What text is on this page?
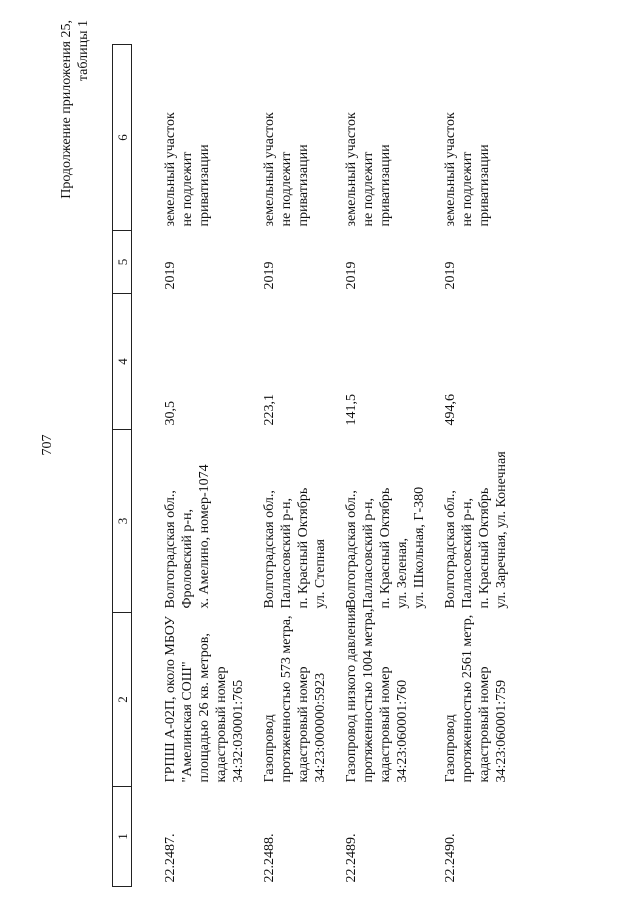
707
Продолжение приложения 25, таблицы 1
1	2	3	4	5	6
22.2487.	ГРПШ А-02П, около МБОУ "Амелинская СОШ" площадью 26 кв. метров, кадастровый номер 34:32:030001:765	Волгоградская обл., Фроловский р-н, х. Амелино, номер-1074	30,5	2019	земельный участок не подлежит приватизации

22.2488.	Газопровод протяженностью 573 метра, кадастровый номер 34:23:000000:5923	Волгоградская обл., Палласовский р-н, п. Красный Октябрь ул. Степная	223,1	2019	земельный участок не подлежит приватизации

22.2489.	Газопровод низкого давления протяженностью 1004 метра, кадастровый номер 34:23:060001:760	Волгоградская обл., Палласовский р-н, п. Красный Октябрь ул. Зеленая, ул. Школьная, Г-380	141,5	2019	земельный участок не подлежит приватизации

22.2490.	Газопровод протяженностью 2561 метр, кадастровый номер 34:23:060001:759	Волгоградская обл., Палласовский р-н, п. Красный Октябрь ул. Заречная, ул. Конечная	494,6	2019	земельный участок не подлежит приватизации
